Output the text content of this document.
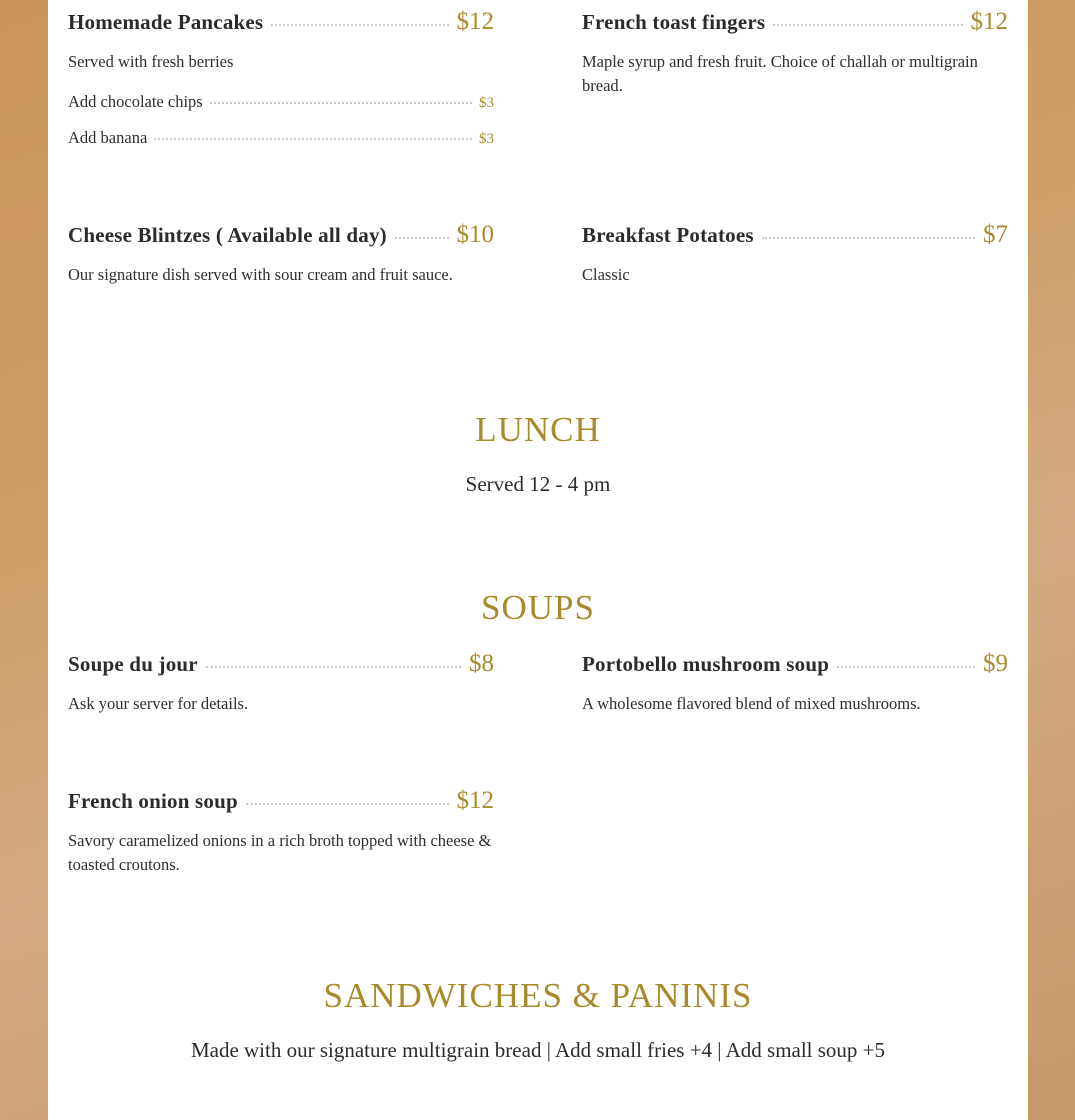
Homemade Pancakes	$12
Served with fresh berries
Add chocolate chips	$3
Add banana	$3
French toast fingers	$12
Maple syrup and fresh fruit. Choice of challah or multigrain bread.
Cheese Blintzes ( Available all day)	$10
Our signature dish served with sour cream and fruit sauce.
Breakfast Potatoes	$7
Classic
LUNCH
Served 12 - 4 pm
SOUPS
Soupe du jour	$8
Ask your server for details.
Portobello mushroom soup	$9
A wholesome flavored blend of mixed mushrooms.
French onion soup	$12
Savory caramelized onions in a rich broth topped with cheese & toasted croutons.
SANDWICHES & PANINIS
Made with our signature multigrain bread | Add small fries +4 | Add small soup +5
